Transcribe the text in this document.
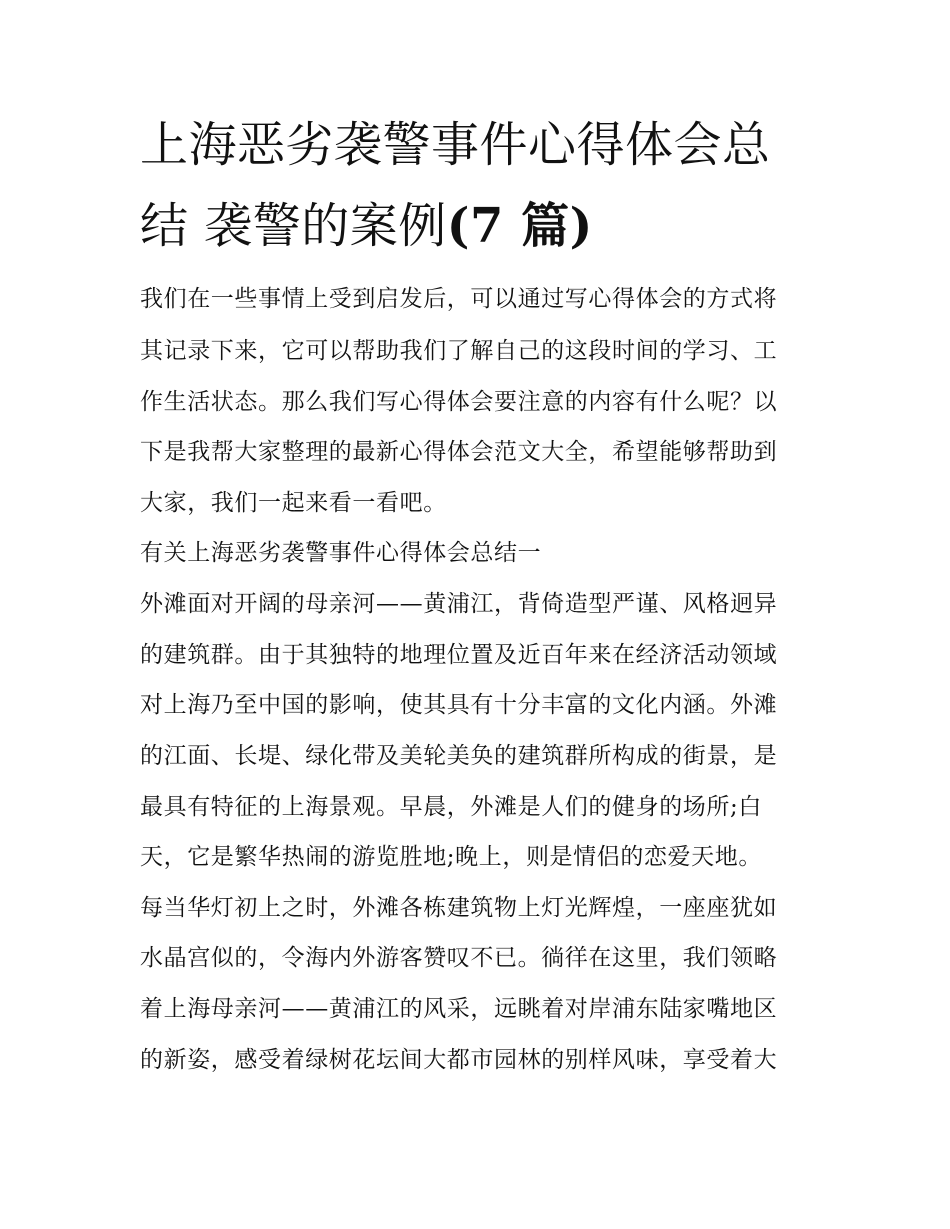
上海恶劣袭警事件心得体会总
结 袭警的案例(7 篇)
我们在一些事情上受到启发后，可以通过写心得体会的方式将
其记录下来，它可以帮助我们了解自己的这段时间的学习、工
作生活状态。那么我们写心得体会要注意的内容有什么呢？以
下是我帮大家整理的最新心得体会范文大全，希望能够帮助到
大家，我们一起来看一看吧。
有关上海恶劣袭警事件心得体会总结一
外滩面对开阔的母亲河——黄浦江，背倚造型严谨、风格迥异
的建筑群。由于其独特的地理位置及近百年来在经济活动领域
对上海乃至中国的影响，使其具有十分丰富的文化内涵。外滩
的江面、长堤、绿化带及美轮美奂的建筑群所构成的街景，是
最具有特征的上海景观。早晨，外滩是人们的健身的场所;白
天，它是繁华热闹的游览胜地;晚上，则是情侣的恋爱天地。
每当华灯初上之时，外滩各栋建筑物上灯光辉煌，一座座犹如
水晶宫似的，令海内外游客赞叹不已。徜徉在这里，我们领略
着上海母亲河——黄浦江的风采，远眺着对岸浦东陆家嘴地区
的新姿，感受着绿树花坛间大都市园林的别样风味，享受着大
